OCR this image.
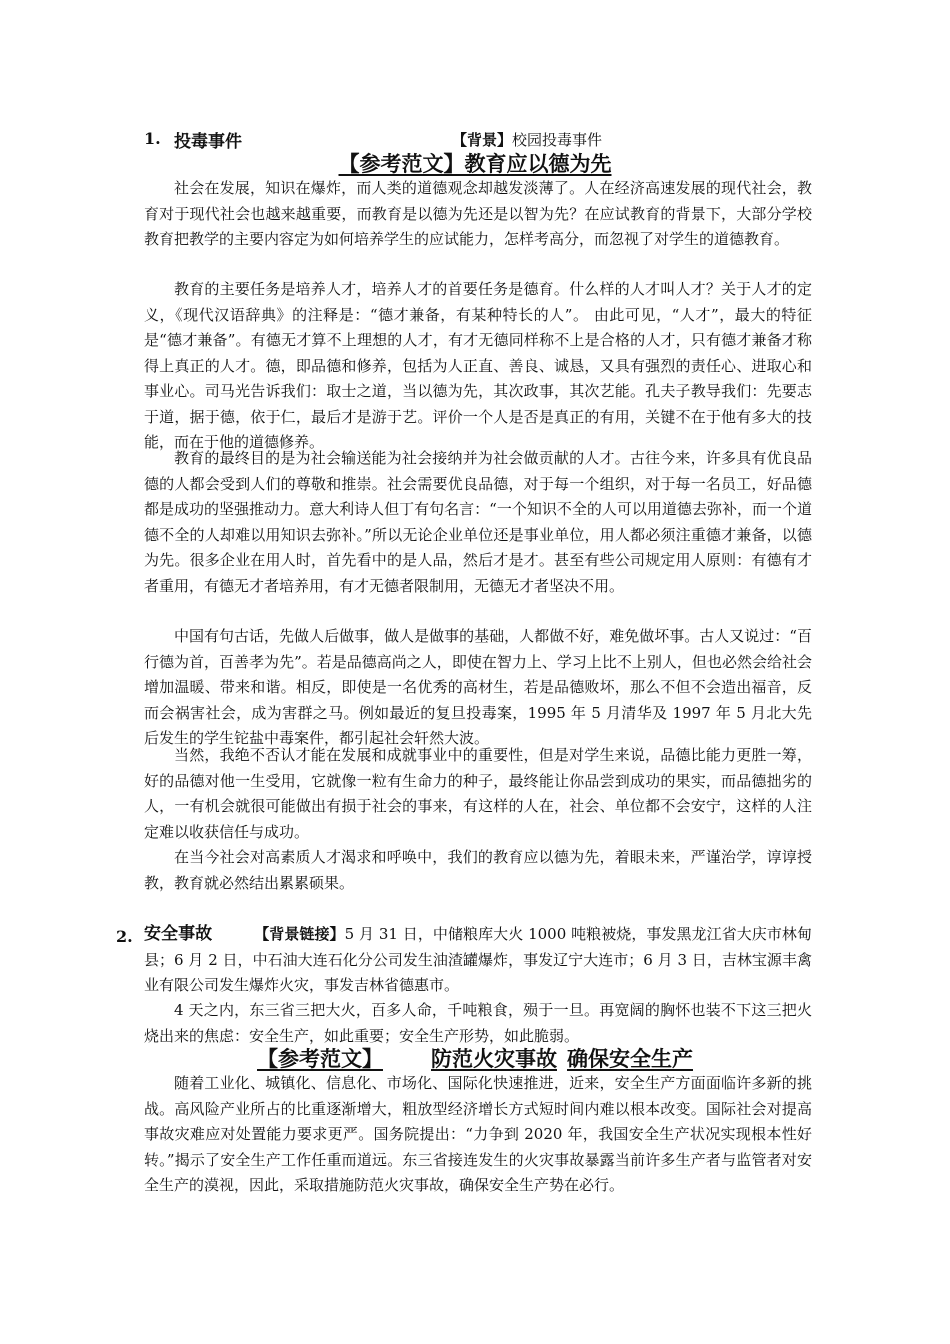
1. 投毒事件	【背景】校园投毒事件
【参考范文】教育应以德为先

社会在发展，知识在爆炸，而人类的道德观念却越发淡薄了。人在经济高速发展的现代社会，教育对于现代社会也越来越重要，而教育是以德为先还是以智为先？在应试教育的背景下，大部分学校教育把教学的主要内容定为如何培养学生的应试能力，怎样考高分，而忽视了对学生的道德教育。

教育的主要任务是培养人才，培养人才的首要任务是德育。什么样的人才叫人才？关于人才的定义，《现代汉语辞典》的注释是：“德才兼备，有某种特长的人”。 由此可见，“人才”，最大的特征是“德才兼备”。有德无才算不上理想的人才，有才无德同样称不上是合格的人才，只有德才兼备才称得上真正的人才。德，即品德和修养，包括为人正直、善良、诚恳，又具有强烈的责任心、进取心和事业心。司马光告诉我们：取士之道，当以德为先，其次政事，其次艺能。孔夫子教导我们：先要志于道，据于德，依于仁，最后才是游于艺。评价一个人是否是真正的有用，关键不在于他有多大的技能，而在于他的道德修养。

教育的最终目的是为社会输送能为社会接纳并为社会做贡献的人才。古往今来，许多具有优良品德的人都会受到人们的尊敬和推崇。社会需要优良品德，对于每一个组织，对于每一名员工，好品德都是成功的坚强推动力。意大利诗人但丁有句名言：“一个知识不全的人可以用道德去弥补，而一个道德不全的人却难以用知识去弥补。”所以无论企业单位还是事业单位，用人都必须注重德才兼备，以德为先。很多企业在用人时，首先看中的是人品，然后才是才。甚至有些公司规定用人原则：有德有才者重用，有德无才者培养用，有才无德者限制用，无德无才者坚决不用。

中国有句古话，先做人后做事，做人是做事的基础，人都做不好，难免做坏事。古人又说过：“百行德为首，百善孝为先”。若是品德高尚之人，即使在智力上、学习上比不上别人，但也必然会给社会增加温暖、带来和谐。相反，即使是一名优秀的高材生，若是品德败坏，那么不但不会造出福音，反而会祸害社会，成为害群之马。例如最近的复旦投毒案，1995 年 5 月清华及 1997 年 5 月北大先后发生的学生铊盐中毒案件，都引起社会轩然大波。

当然，我绝不否认才能在发展和成就事业中的重要性，但是对学生来说，品德比能力更胜一筹，好的品德对他一生受用，它就像一粒有生命力的种子，最终能让你品尝到成功的果实，而品德拙劣的人，一有机会就很可能做出有损于社会的事来，有这样的人在，社会、单位都不会安宁，这样的人注定难以收获信任与成功。

在当今社会对高素质人才渴求和呼唤中，我们的教育应以德为先，着眼未来，严谨治学，谆谆授教，教育就必然结出累累硕果。

2. 安全事故	【背景链接】5 月 31 日，中储粮库大火 1000 吨粮被烧，事发黑龙江省大庆市林甸县；6 月 2 日，中石油大连石化分公司发生油渣罐爆炸，事发辽宁大连市；6 月 3 日，吉林宝源丰禽业有限公司发生爆炸火灾，事发吉林省德惠市。

4 天之内，东三省三把大火，百多人命，千吨粮食，殒于一旦。再宽阔的胸怀也装不下这三把火烧出来的焦虑：安全生产，如此重要；安全生产形势，如此脆弱。

【参考范文】 防范火灾事故 确保安全生产

随着工业化、城镇化、信息化、市场化、国际化快速推进，近来，安全生产方面面临许多新的挑战。高风险产业所占的比重逐渐增大，粗放型经济增长方式短时间内难以根本改变。国际社会对提高事故灾难应对处置能力要求更严。国务院提出：“力争到 2020 年，我国安全生产状况实现根本性好转。”揭示了安全生产工作任重而道远。东三省接连发生的火灾事故暴露当前许多生产者与监管者对安全生产的漠视，因此，采取措施防范火灾事故，确保安全生产势在必行。
